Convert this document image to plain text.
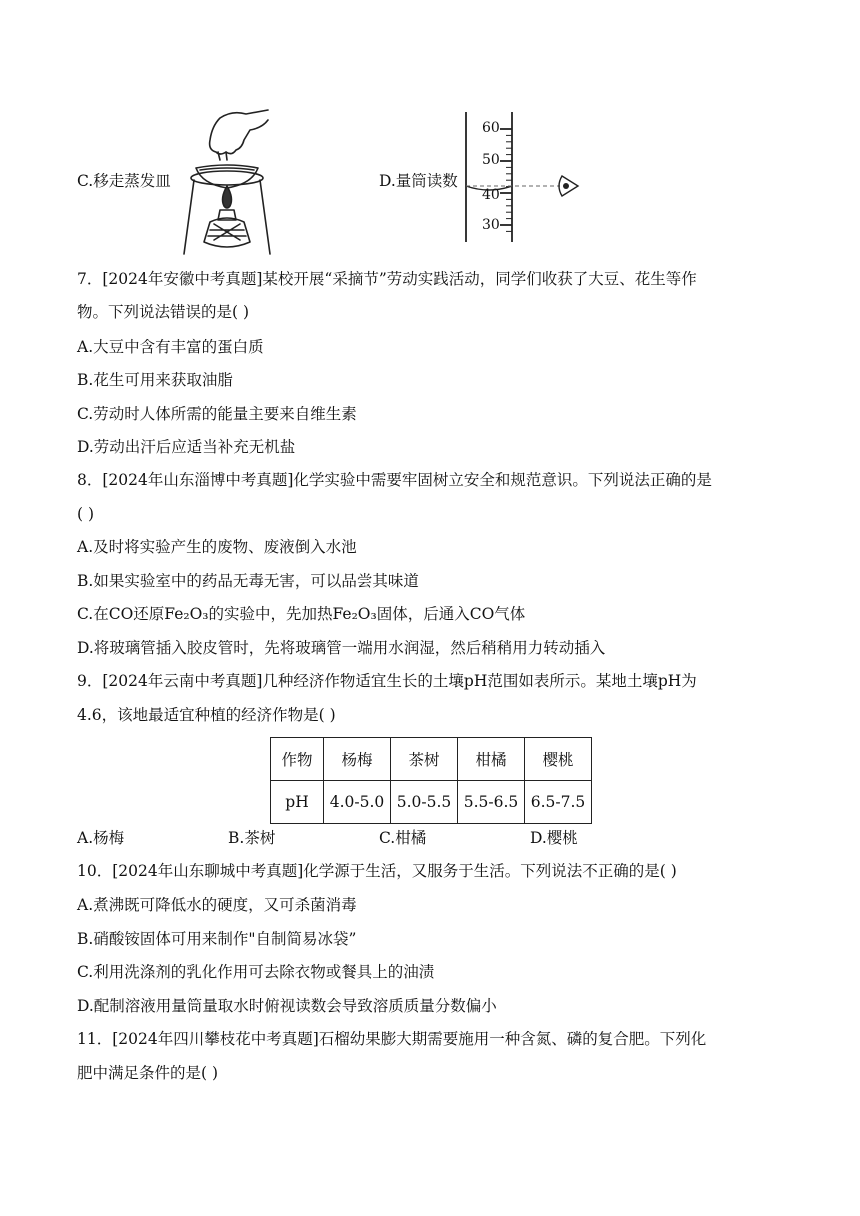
C.移走蒸发皿	D.量筒读数
60
50
40
30
7．[2024年安徽中考真题]某校开展“采摘节”劳动实践活动，同学们收获了大豆、花生等作
物。下列说法错误的是( )
A.大豆中含有丰富的蛋白质
B.花生可用来获取油脂
C.劳动时人体所需的能量主要来自维生素
D.劳动出汗后应适当补充无机盐
8．[2024年山东淄博中考真题]化学实验中需要牢固树立安全和规范意识。下列说法正确的是
( )
A.及时将实验产生的废物、废液倒入水池
B.如果实验室中的药品无毒无害，可以品尝其味道
C.在CO还原Fe₂O₃的实验中，先加热Fe₂O₃固体，后通入CO气体
D.将玻璃管插入胶皮管时，先将玻璃管一端用水润湿，然后稍稍用力转动插入
9．[2024年云南中考真题]几种经济作物适宜生长的土壤pH范围如表所示。某地土壤pH为
4.6，该地最适宜种植的经济作物是( )
作物	杨梅	茶树	柑橘	樱桃
pH	4.0-5.0	5.0-5.5	5.5-6.5	6.5-7.5
A.杨梅	B.茶树	C.柑橘	D.樱桃
10．[2024年山东聊城中考真题]化学源于生活，又服务于生活。下列说法不正确的是( )
A.煮沸既可降低水的硬度，又可杀菌消毒
B.硝酸铵固体可用来制作"自制简易冰袋”
C.利用洗涤剂的乳化作用可去除衣物或餐具上的油渍
D.配制溶液用量筒量取水时俯视读数会导致溶质质量分数偏小
11．[2024年四川攀枝花中考真题]石榴幼果膨大期需要施用一种含氮、磷的复合肥。下列化
肥中满足条件的是( )
